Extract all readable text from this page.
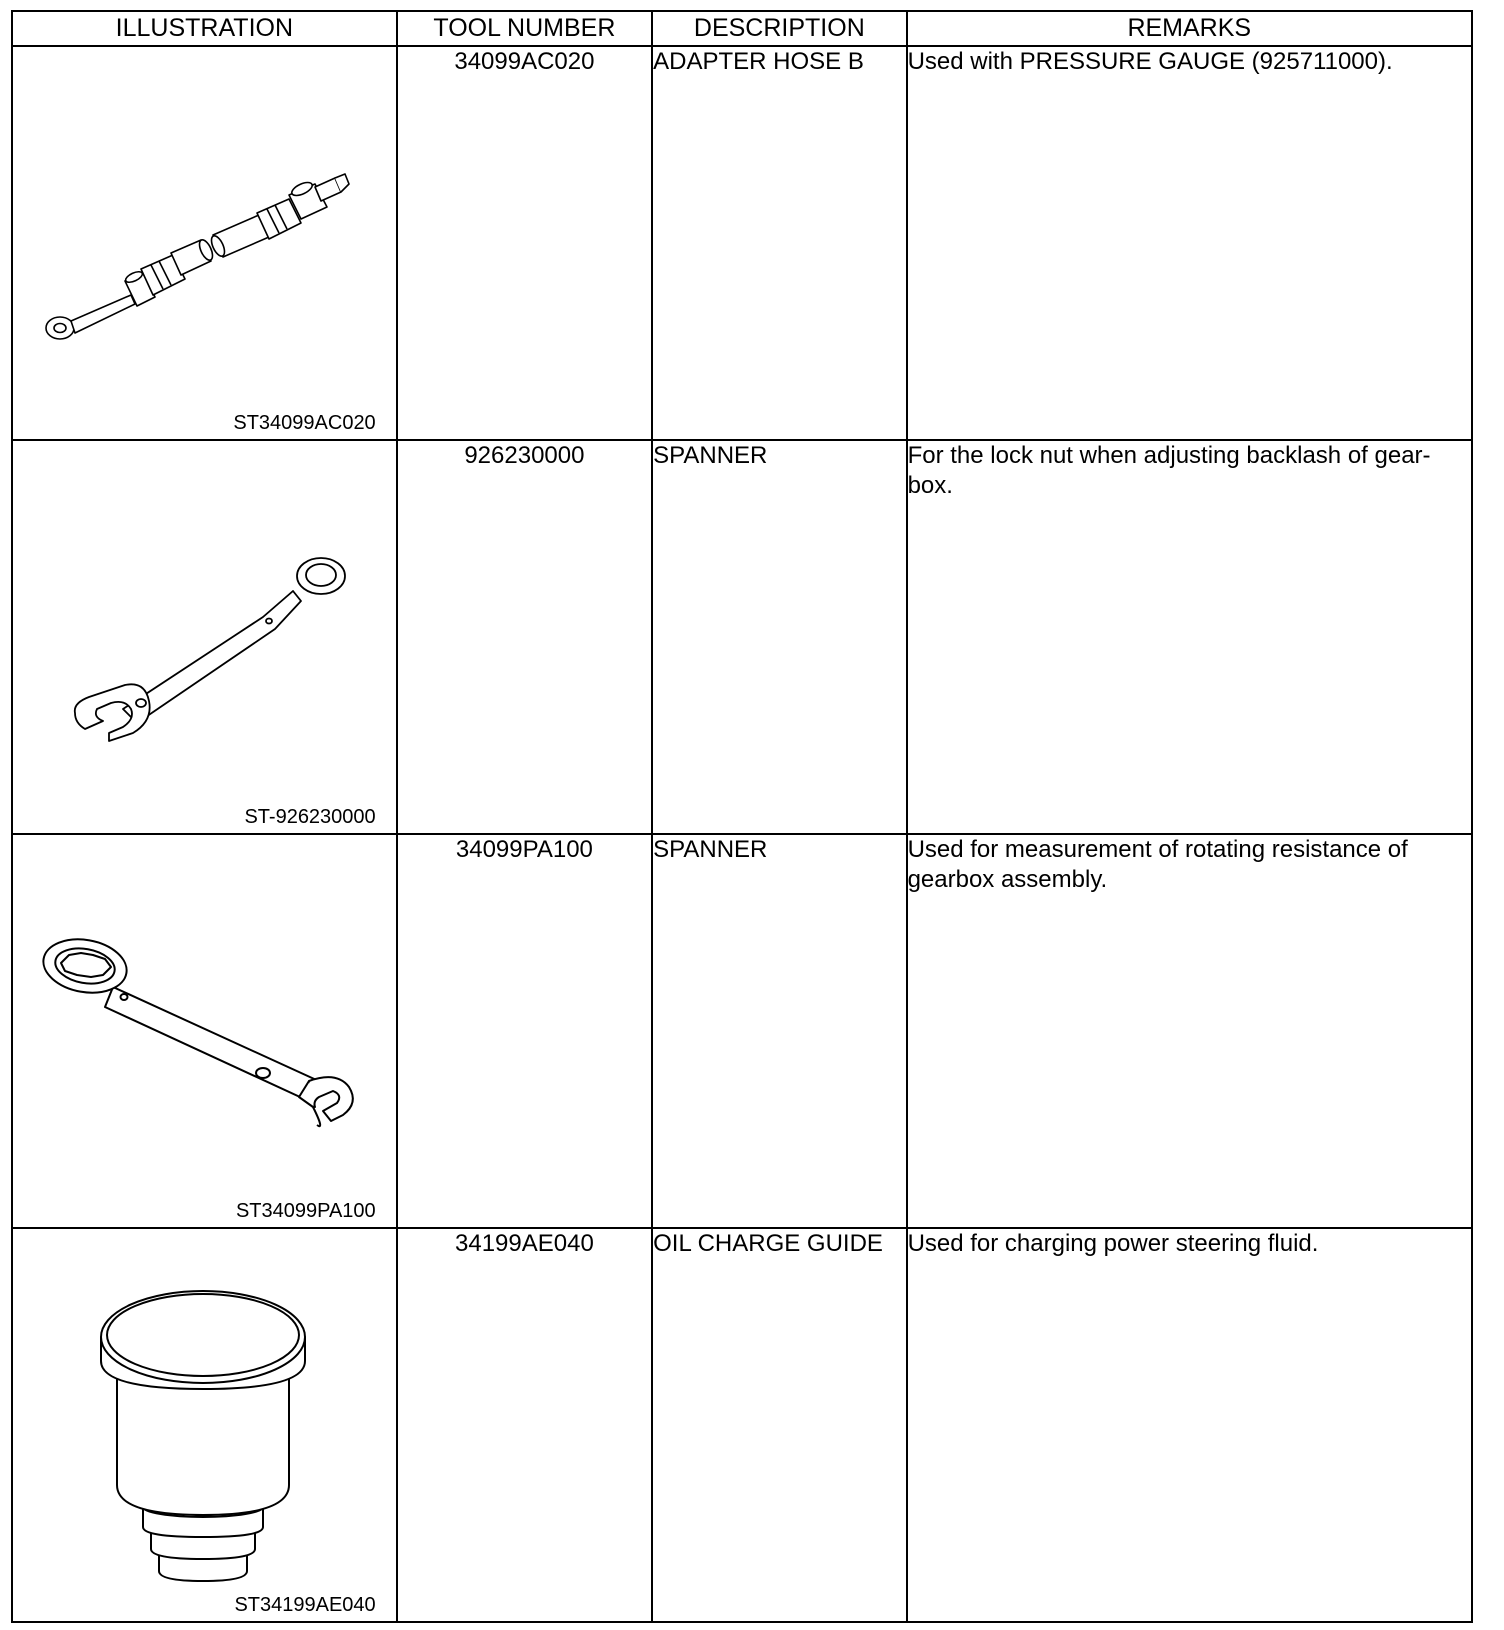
ILLUSTRATION	TOOL NUMBER	DESCRIPTION	REMARKS

ST34099AC020	34099AC020	ADAPTER HOSE B	Used with PRESSURE GAUGE (925711000).

ST-926230000	926230000	SPANNER	For the lock nut when adjusting backlash of gear-box.

ST34099PA100	34099PA100	SPANNER	Used for measurement of rotating resistance of gearbox assembly.

ST34199AE040	34199AE040	OIL CHARGE GUIDE	Used for charging power steering fluid.
